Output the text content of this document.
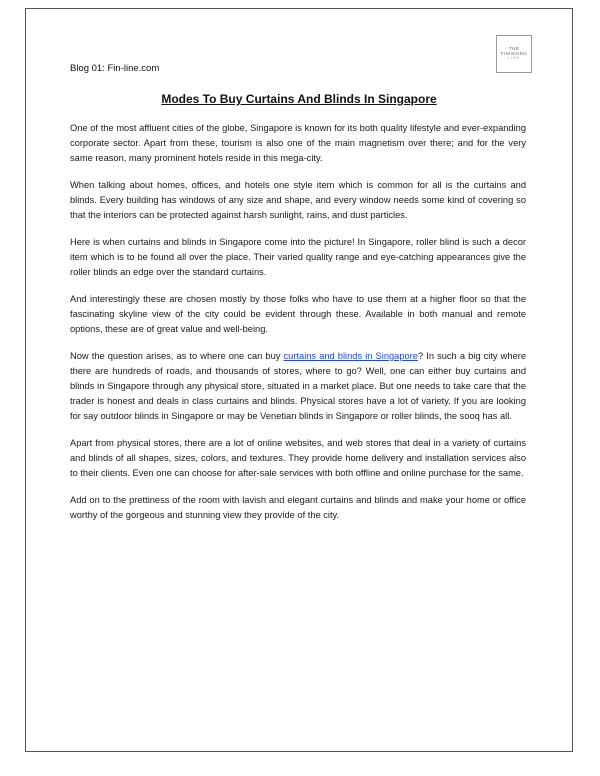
THE
FINISHING
LINE
Blog 01: Fin-line.com
Modes To Buy Curtains And Blinds In Singapore

One of the most affluent cities of the globe, Singapore is known for its both quality lifestyle and ever-expanding corporate sector. Apart from these, tourism is also one of the main magnetism over there; and for the very same reason, many prominent hotels reside in this mega-city.

When talking about homes, offices, and hotels one style item which is common for all is the curtains and blinds. Every building has windows of any size and shape, and every window needs some kind of covering so that the interiors can be protected against harsh sunlight, rains, and dust particles.

Here is when curtains and blinds in Singapore come into the picture! In Singapore, roller blind is such a decor item which is to be found all over the place. Their varied quality range and eye-catching appearances give the roller blinds an edge over the standard curtains.

And interestingly these are chosen mostly by those folks who have to use them at a higher floor so that the fascinating skyline view of the city could be evident through these. Available in both manual and remote options, these are of great value and well-being.

Now the question arises, as to where one can buy curtains and blinds in Singapore? In such a big city where there are hundreds of roads, and thousands of stores, where to go? Well, one can either buy curtains and blinds in Singapore through any physical store, situated in a market place. But one needs to take care that the trader is honest and deals in class curtains and blinds. Physical stores have a lot of variety. If you are looking for say outdoor blinds in Singapore or may be Venetian blinds in Singapore or roller blinds, the sooq has all.

Apart from physical stores, there are a lot of online websites, and web stores that deal in a variety of curtains and blinds of all shapes, sizes, colors, and textures. They provide home delivery and installation services also to their clients. Even one can choose for after-sale services with both offline and online purchase for the same.

Add on to the prettiness of the room with lavish and elegant curtains and blinds and make your home or office worthy of the gorgeous and stunning view they provide of the city.
